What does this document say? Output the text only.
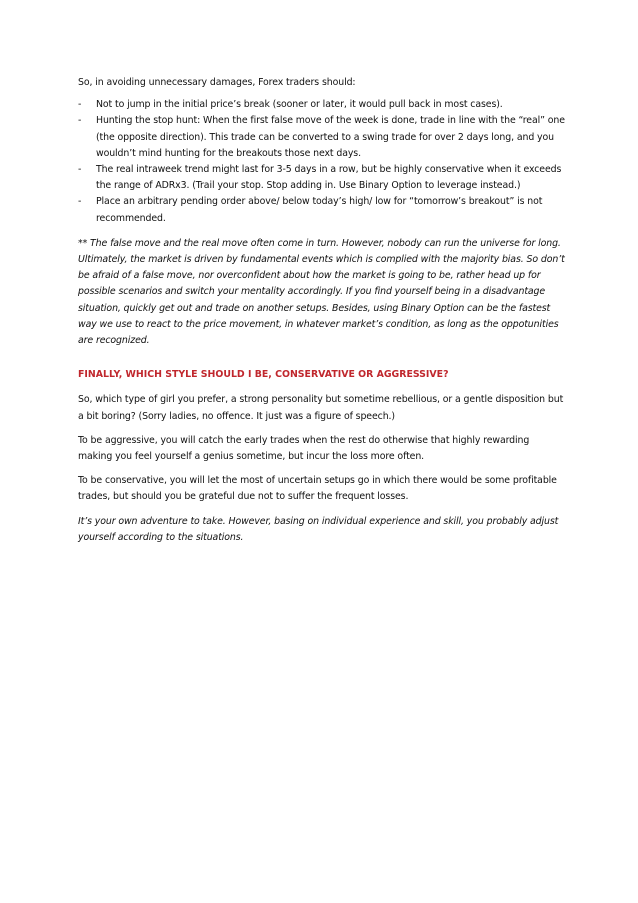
So, in avoiding unnecessary damages, Forex traders should:

- Not to jump in the initial price’s break (sooner or later, it would pull back in most cases).
- Hunting the stop hunt: When the first false move of the week is done, trade in line with the “real” one (the opposite direction). This trade can be converted to a swing trade for over 2 days long, and you wouldn’t mind hunting for the breakouts those next days.
- The real intraweek trend might last for 3-5 days in a row, but be highly conservative when it exceeds the range of ADRx3. (Trail your stop. Stop adding in. Use Binary Option to leverage instead.)
- Place an arbitrary pending order above/ below today’s high/ low for “tomorrow’s breakout” is not recommended.

** The false move and the real move often come in turn. However, nobody can run the universe for long. Ultimately, the market is driven by fundamental events which is complied with the majority bias. So don’t be afraid of a false move, nor overconfident about how the market is going to be, rather head up for possible scenarios and switch your mentality accordingly. If you find yourself being in a disadvantage situation, quickly get out and trade on another setups. Besides, using Binary Option can be the fastest way we use to react to the price movement, in whatever market’s condition, as long as the oppotunities are recognized.

FINALLY, WHICH STYLE SHOULD I BE, CONSERVATIVE OR AGGRESSIVE?

So, which type of girl you prefer, a strong personality but sometime rebellious, or a gentle disposition but a bit boring? (Sorry ladies, no offence. It just was a figure of speech.)

To be aggressive, you will catch the early trades when the rest do otherwise that highly rewarding making you feel yourself a genius sometime, but incur the loss more often.

To be conservative, you will let the most of uncertain setups go in which there would be some profitable trades, but should you be grateful due not to suffer the frequent losses.

It’s your own adventure to take. However, basing on individual experience and skill, you probably adjust yourself according to the situations.
